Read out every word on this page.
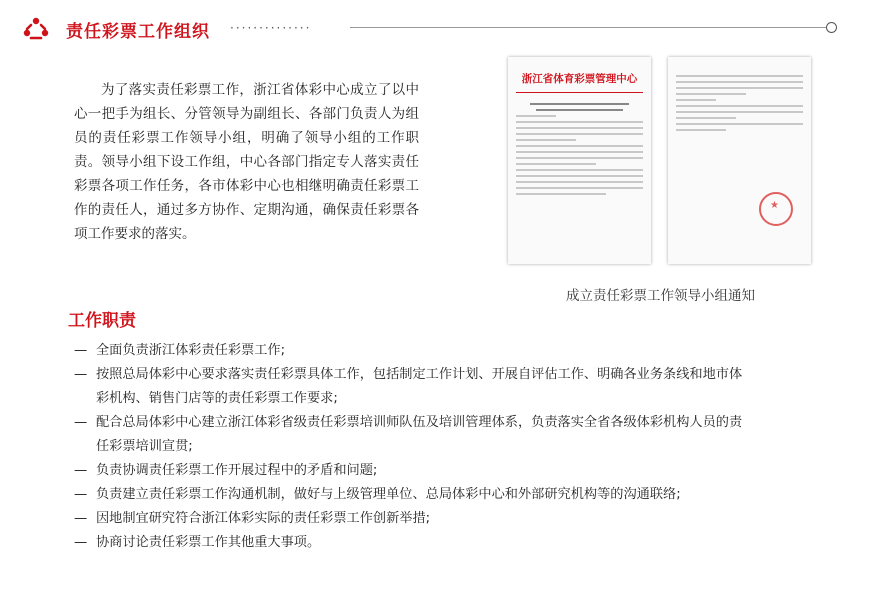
责任彩票工作组织 ··············

为了落实责任彩票工作，浙江省体彩中心成立了以中心一把手为组长、分管领导为副组长、各部门负责人为组员的责任彩票工作领导小组，明确了领导小组的工作职责。领导小组下设工作组，中心各部门指定专人落实责任彩票各项工作任务，各市体彩中心也相继明确责任彩票工作的责任人，通过多方协作、定期沟通，确保责任彩票各项工作要求的落实。

浙江省体育彩票管理中心
★
成立责任彩票工作领导小组通知
工作职责
— 全面负责浙江体彩责任彩票工作;
— 按照总局体彩中心要求落实责任彩票具体工作，包括制定工作计划、开展自评估工作、明确各业务条线和地市体彩机构、销售门店等的责任彩票工作要求;
— 配合总局体彩中心建立浙江体彩省级责任彩票培训师队伍及培训管理体系，负责落实全省各级体彩机构人员的责任彩票培训宣贯;
— 负责协调责任彩票工作开展过程中的矛盾和问题;
— 负责建立责任彩票工作沟通机制，做好与上级管理单位、总局体彩中心和外部研究机构等的沟通联络;
— 因地制宜研究符合浙江体彩实际的责任彩票工作创新举措;
— 协商讨论责任彩票工作其他重大事项。
